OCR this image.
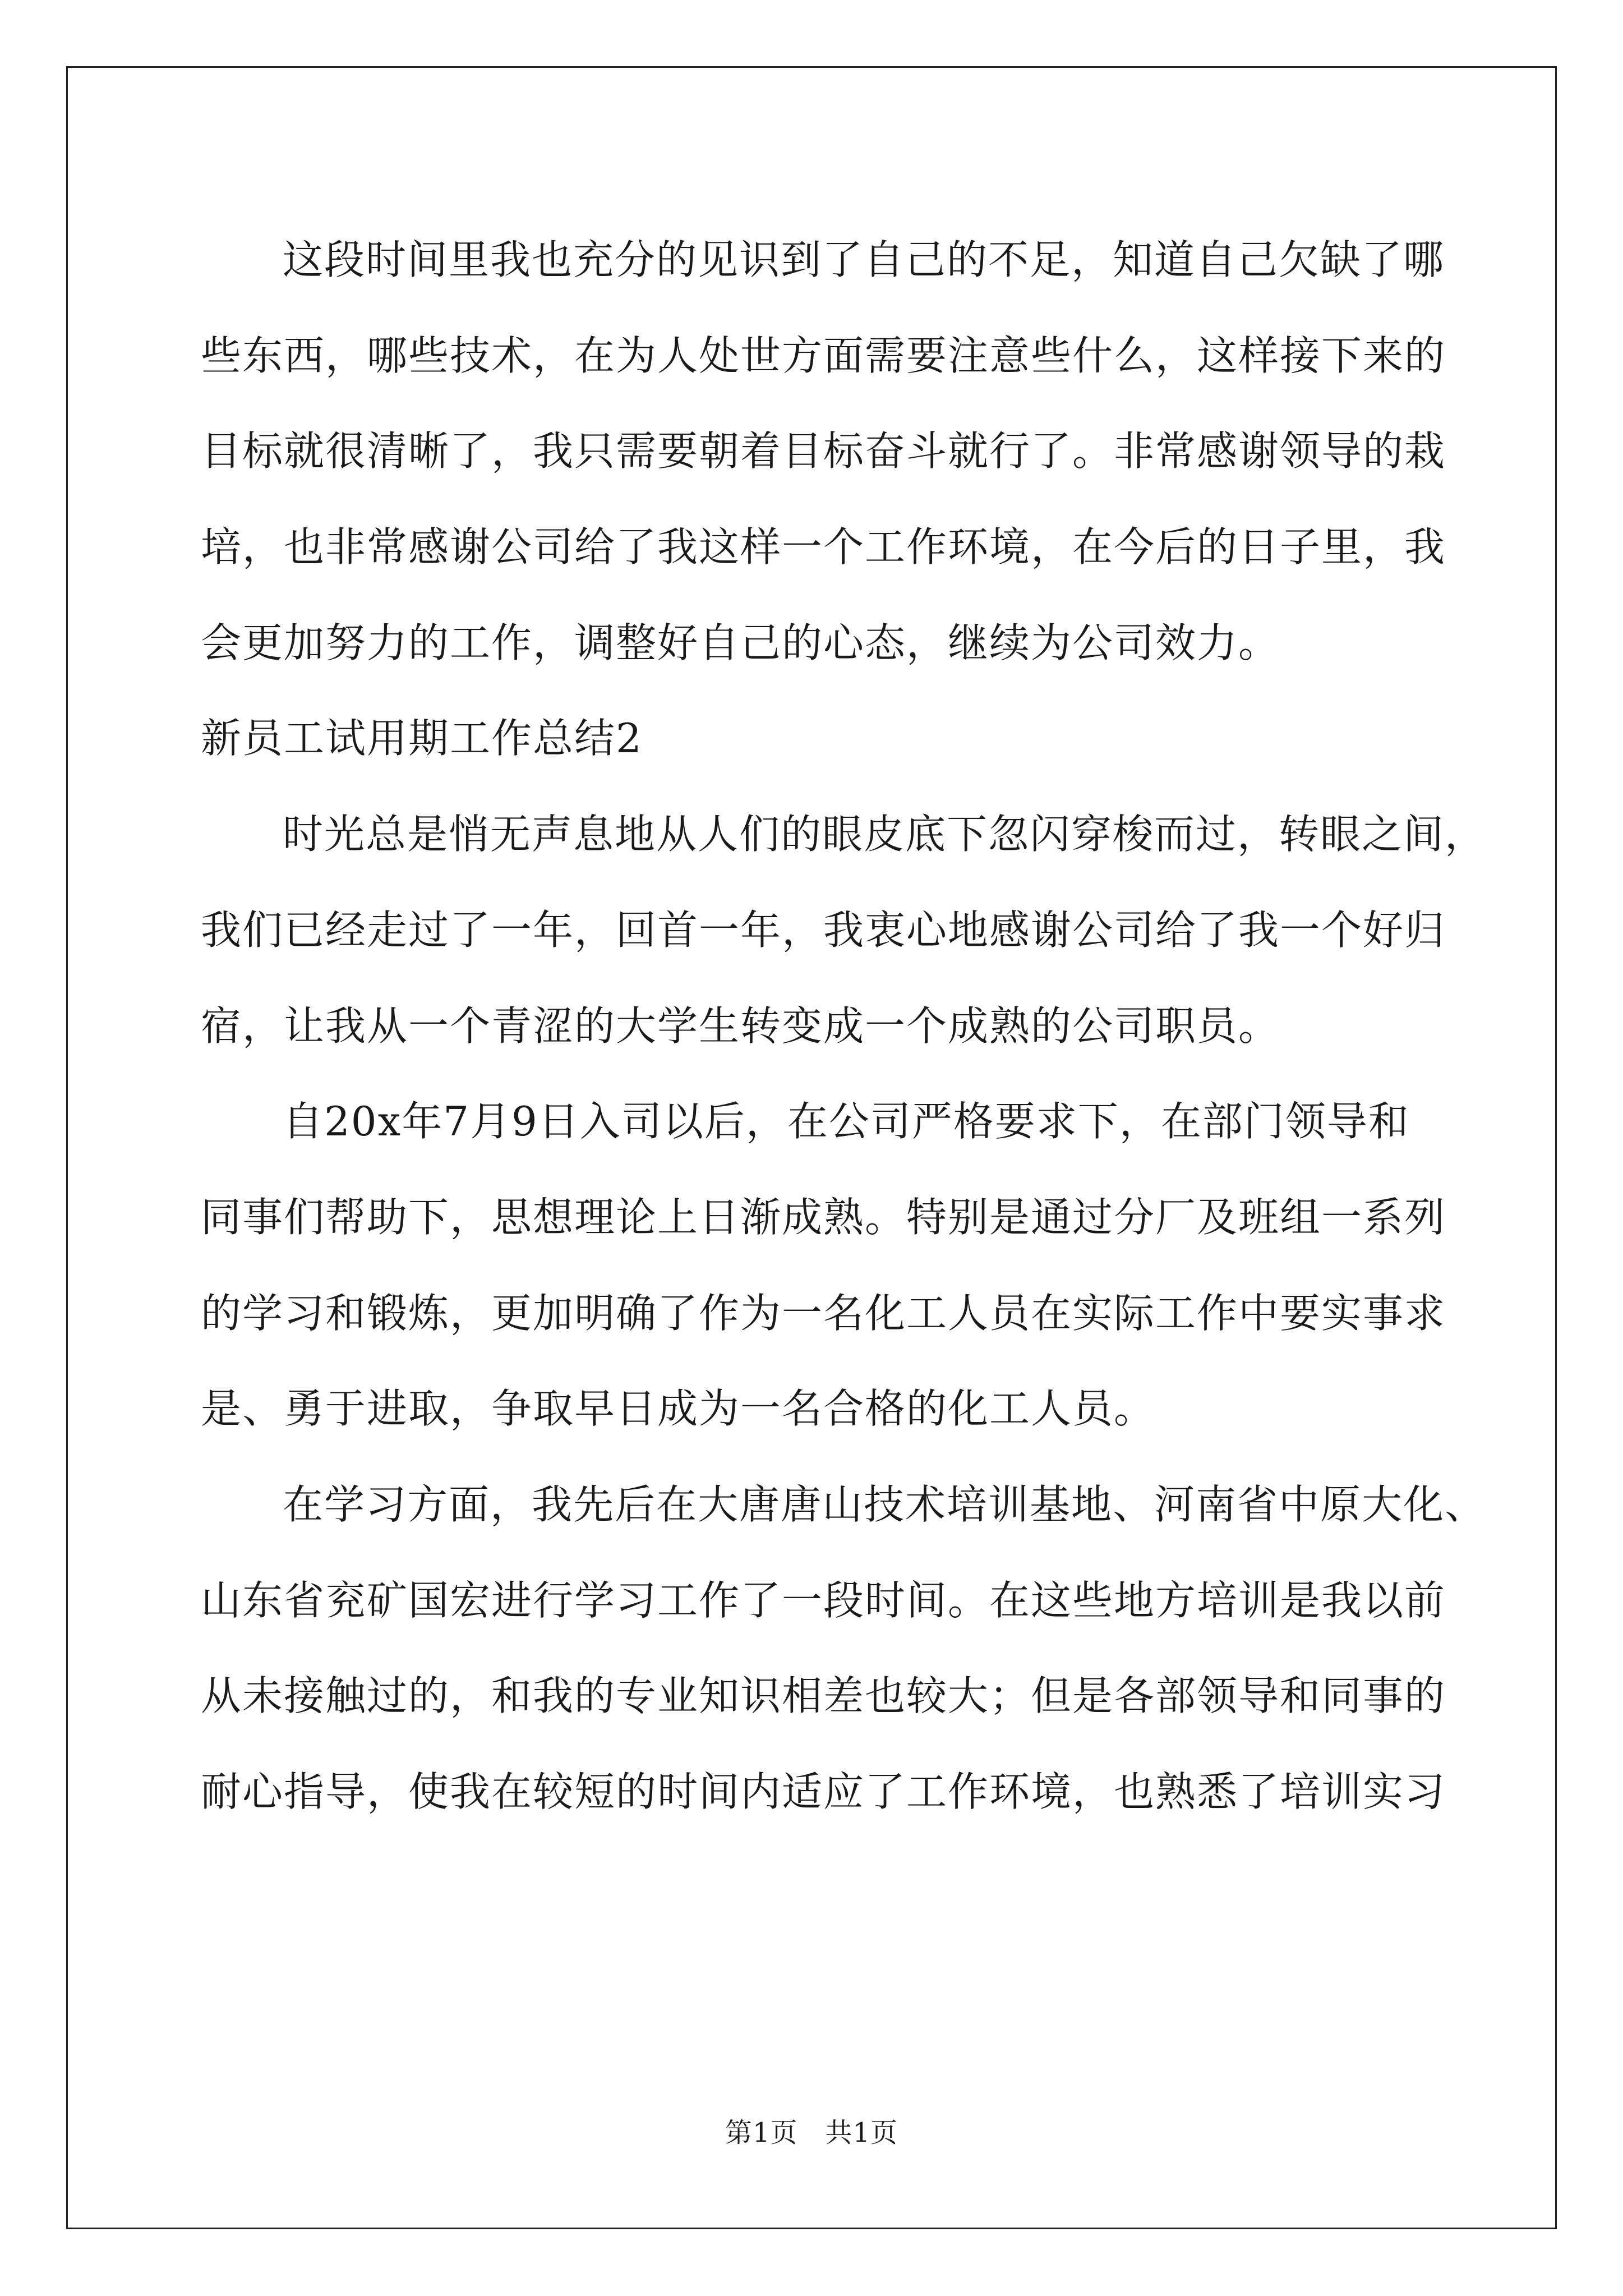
这段时间里我也充分的见识到了自己的不足，知道自己欠缺了哪
些东西，哪些技术，在为人处世方面需要注意些什么，这样接下来的
目标就很清晰了，我只需要朝着目标奋斗就行了。非常感谢领导的栽
培，也非常感谢公司给了我这样一个工作环境，在今后的日子里，我
会更加努力的工作，调整好自己的心态，继续为公司效力。
新员工试用期工作总结2
时光总是悄无声息地从人们的眼皮底下忽闪穿梭而过，转眼之间，
我们已经走过了一年，回首一年，我衷心地感谢公司给了我一个好归
宿，让我从一个青涩的大学生转变成一个成熟的公司职员。
自20x年7月9日入司以后，在公司严格要求下，在部门领导和
同事们帮助下，思想理论上日渐成熟。特别是通过分厂及班组一系列
的学习和锻炼，更加明确了作为一名化工人员在实际工作中要实事求
是、勇于进取，争取早日成为一名合格的化工人员。
在学习方面，我先后在大唐唐山技术培训基地、河南省中原大化、
山东省兖矿国宏进行学习工作了一段时间。在这些地方培训是我以前
从未接触过的，和我的专业知识相差也较大；但是各部领导和同事的
耐心指导，使我在较短的时间内适应了工作环境，也熟悉了培训实习
第1页　共1页
